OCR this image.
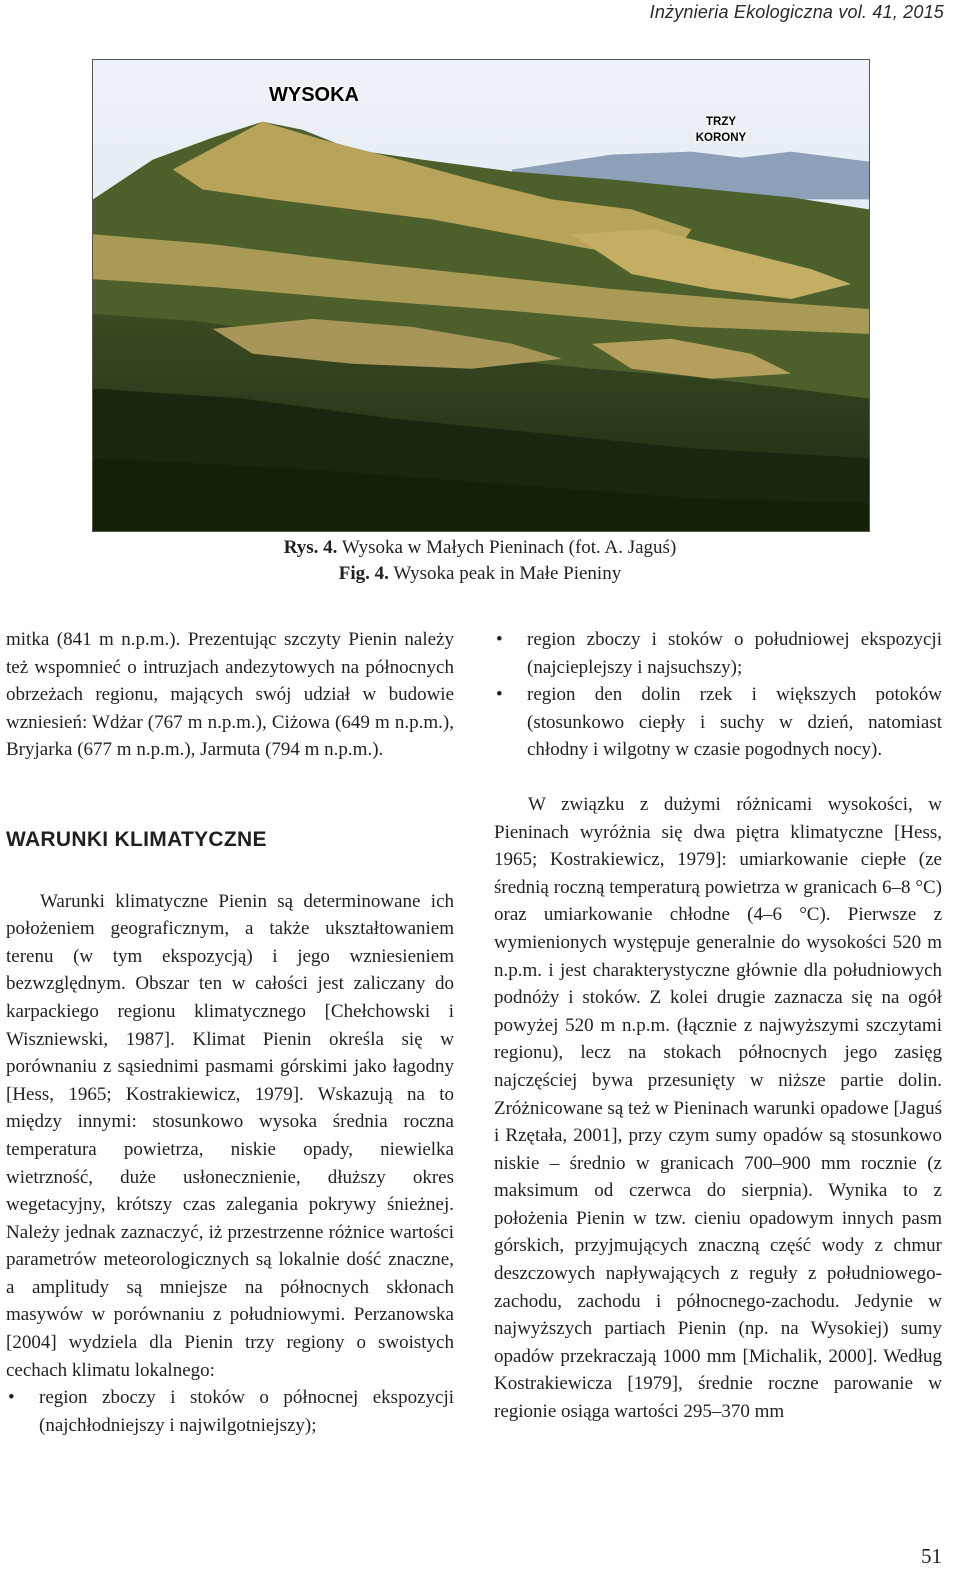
Inżynieria Ekologiczna vol. 41, 2015
WYSOKA
TRZY KORONY
Rys. 4. Wysoka w Małych Pieninach (fot. A. Jaguś)
Fig. 4. Wysoka peak in Małe Pieniny

mitka (841 m n.p.m.). Prezentując szczyty Pienin należy też wspomnieć o intruzjach andezytowych na północnych obrzeżach regionu, mających swój udział w budowie wzniesień: Wdżar (767 m n.p.m.), Ciżowa (649 m n.p.m.), Bryjarka (677 m n.p.m.), Jarmuta (794 m n.p.m.).

WARUNKI KLIMATYCZNE

Warunki klimatyczne Pienin są determinowane ich położeniem geograficznym, a także ukształtowaniem terenu (w tym ekspozycją) i jego wzniesieniem bezwzględnym. Obszar ten w całości jest zaliczany do karpackiego regionu klimatycznego [Chełchowski i Wiszniewski, 1987]. Klimat Pienin określa się w porównaniu z sąsiednimi pasmami górskimi jako łagodny [Hess, 1965; Kostrakiewicz, 1979]. Wskazują na to między innymi: stosunkowo wysoka średnia roczna temperatura powietrza, niskie opady, niewielka wietrzność, duże usłonecznienie, dłuższy okres wegetacyjny, krótszy czas zalegania pokrywy śnieżnej. Należy jednak zaznaczyć, iż przestrzenne różnice wartości parametrów meteorologicznych są lokalnie dość znaczne, a amplitudy są mniejsze na północnych skłonach masywów w porównaniu z południowymi. Perzanowska [2004] wydziela dla Pienin trzy regiony o swoistych cechach klimatu lokalnego:

• region zboczy i stoków o północnej ekspozycji (najchłodniejszy i najwilgotniejszy);

• region zboczy i stoków o południowej ekspozycji (najcieplejszy i najsuchszy);

• region den dolin rzek i większych potoków (stosunkowo ciepły i suchy w dzień, natomiast chłodny i wilgotny w czasie pogodnych nocy).

W związku z dużymi różnicami wysokości, w Pieninach wyróżnia się dwa piętra klimatyczne [Hess, 1965; Kostrakiewicz, 1979]: umiarkowanie ciepłe (ze średnią roczną temperaturą powietrza w granicach 6–8 °C) oraz umiarkowanie chłodne (4–6 °C). Pierwsze z wymienionych występuje generalnie do wysokości 520 m n.p.m. i jest charakterystyczne głównie dla południowych podnóży i stoków. Z kolei drugie zaznacza się na ogół powyżej 520 m n.p.m. (łącznie z najwyższymi szczytami regionu), lecz na stokach północnych jego zasięg najczęściej bywa przesunięty w niższe partie dolin. Zróżnicowane są też w Pieninach warunki opadowe [Jaguś i Rzętała, 2001], przy czym sumy opadów są stosunkowo niskie – średnio w granicach 700–900 mm rocznie (z maksimum od czerwca do sierpnia). Wynika to z położenia Pienin w tzw. cieniu opadowym innych pasm górskich, przyjmujących znaczną część wody z chmur deszczowych napływających z reguły z południowego-zachodu, zachodu i północnego-zachodu. Jedynie w najwyższych partiach Pienin (np. na Wysokiej) sumy opadów przekraczają 1000 mm [Michalik, 2000]. Według Kostrakiewicza [1979], średnie roczne parowanie w regionie osiąga wartości 295–370 mm

51
